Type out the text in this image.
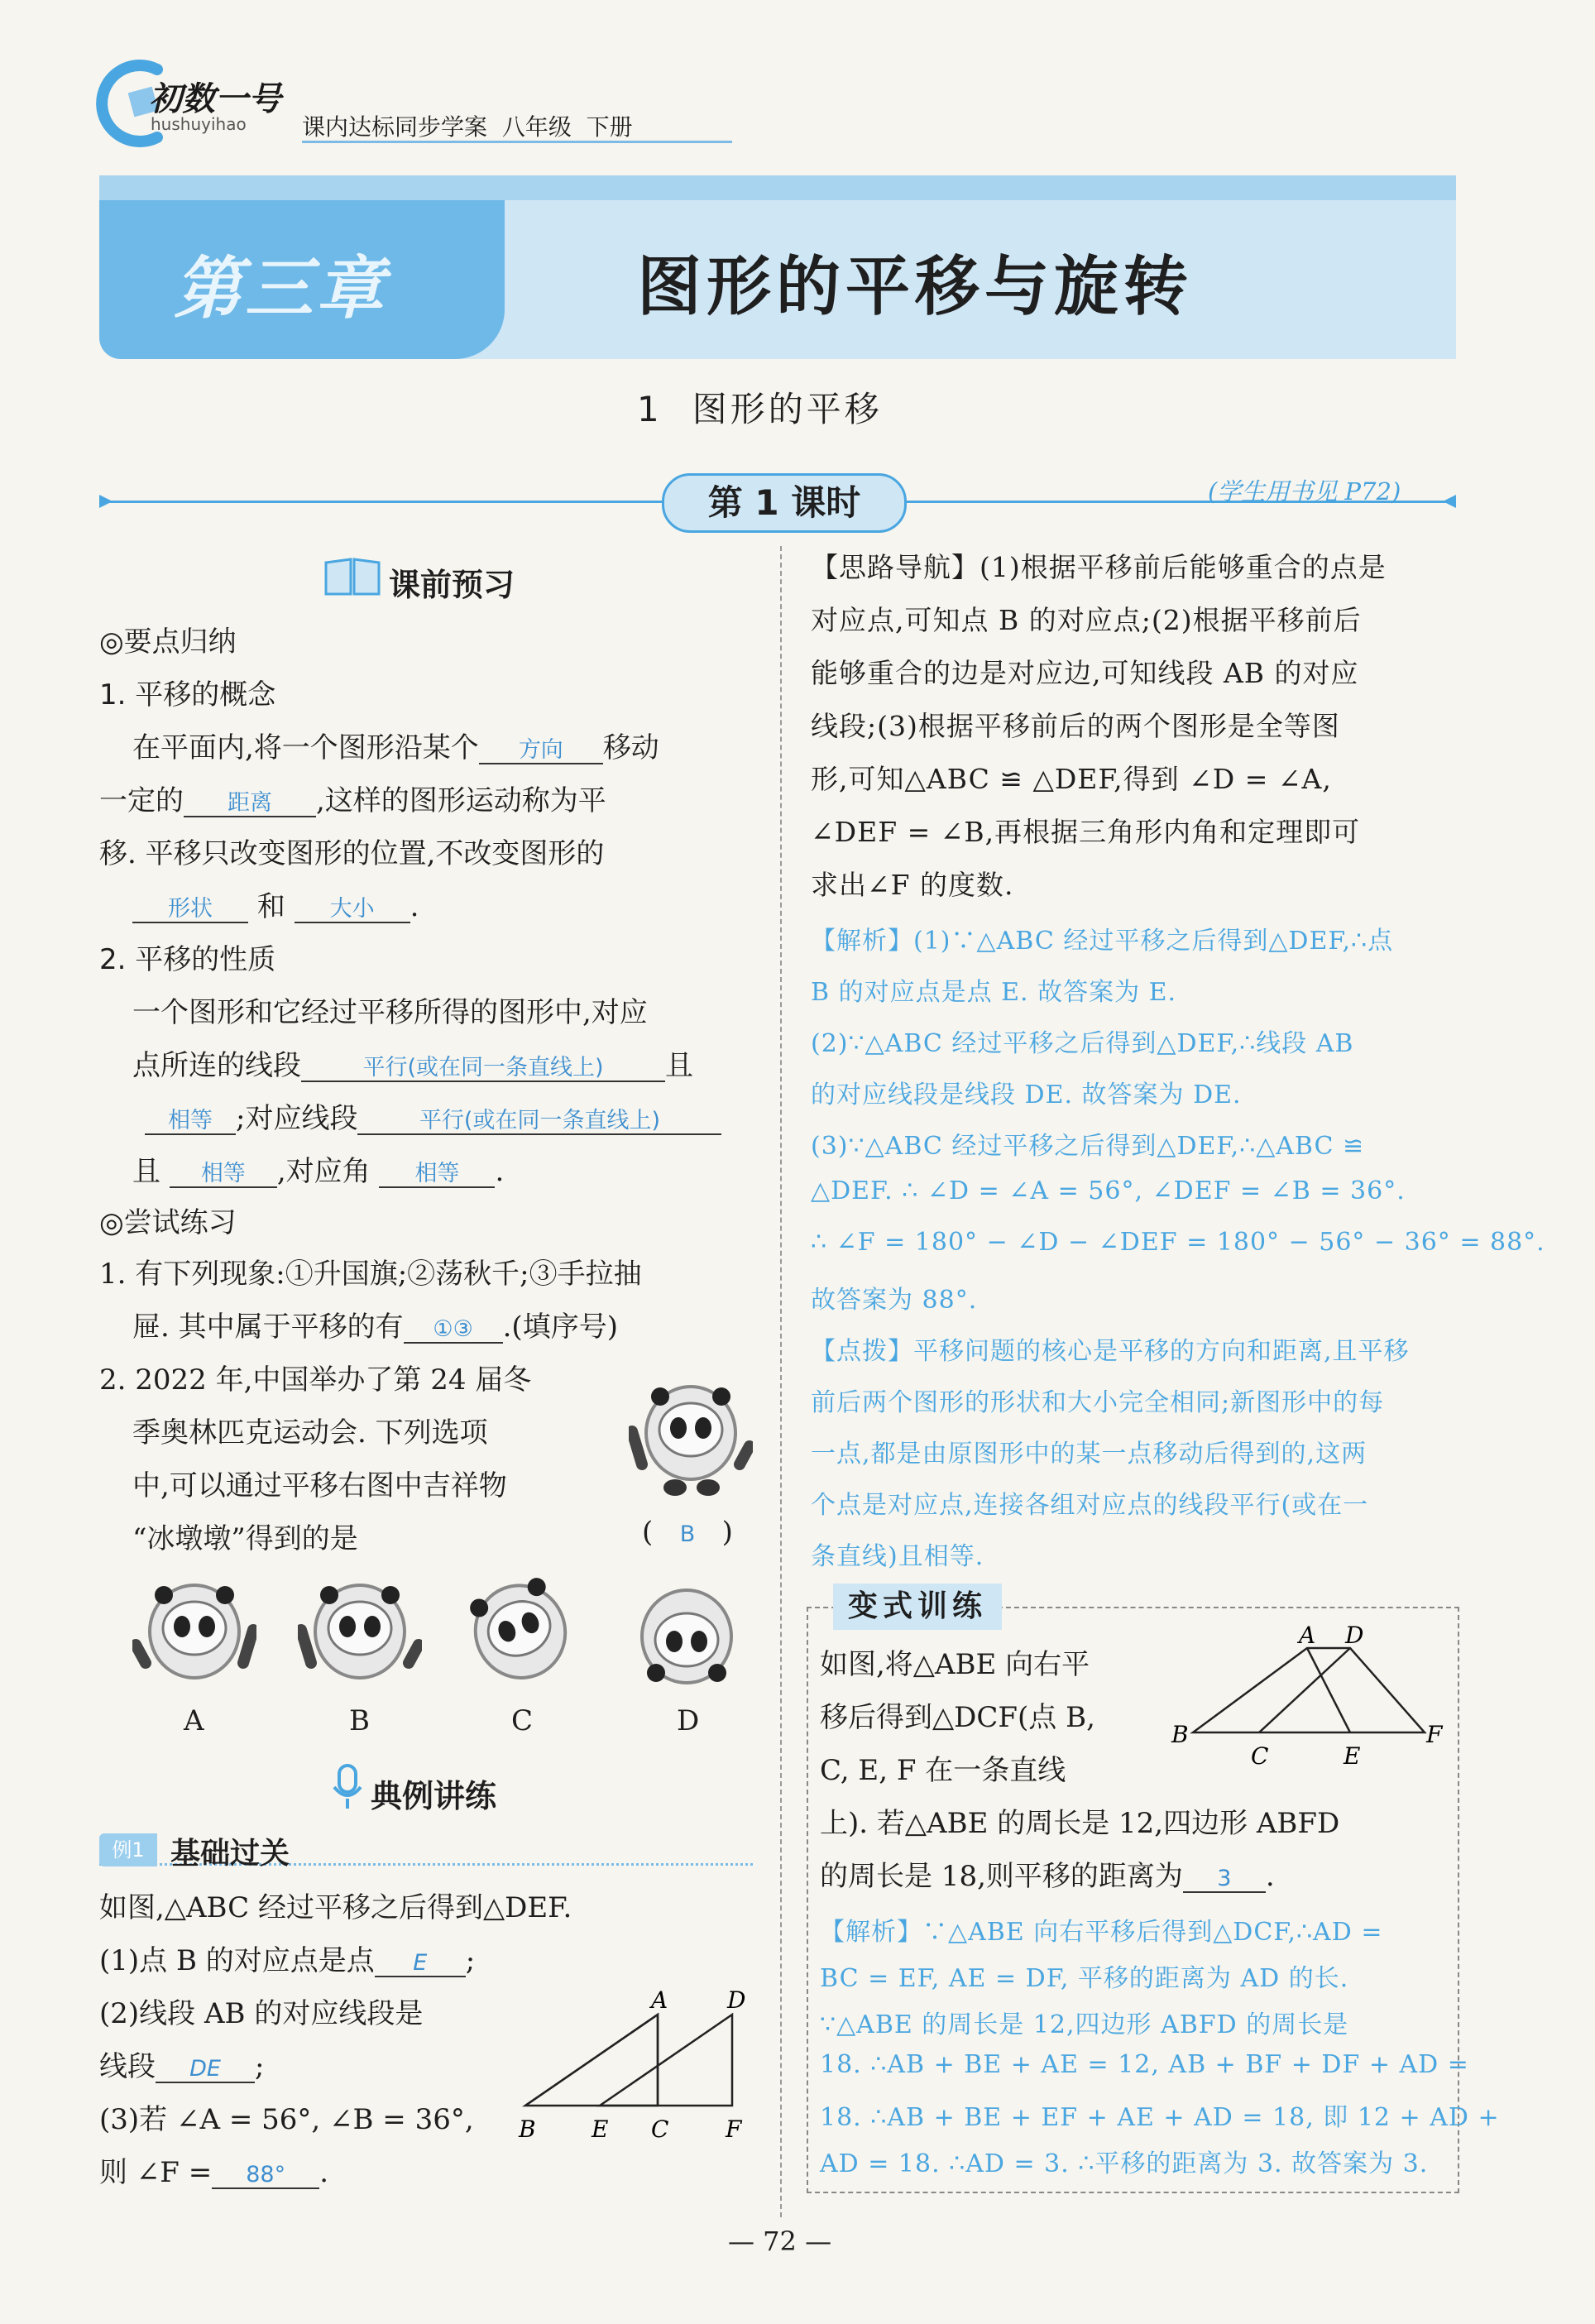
初数一号
hushuyihao 课内达标同步学案 八年级 下册
第三章	图形的平移与旋转
1 图形的平移
第 1 课时	(学生用书见 P72)
课前预习
◎要点归纳
1. 平移的概念
在平面内,将一个图形沿某个 方向 移动
一定的 距离 ,这样的图形运动称为平
移. 平移只改变图形的位置,不改变图形的
形状 和 大小 .
2. 平移的性质
一个图形和它经过平移所得的图形中,对应
点所连的线段	平行(或在同一条直线上) 且
相等 ;对应线段	平行(或在同一条直线上)
且 相等 ,对应角 相等 .
◎尝试练习
1. 有下列现象:①升国旗;②荡秋千;③手拉抽
屉. 其中属于平移的有 ①③ .(填序号)
2. 2022 年,中国举办了第 24 届冬
季奥林匹克运动会. 下列选项
中,可以通过平移右图中吉祥物
“冰墩墩”得到的是	( B )
A	B	C	D
典例讲练
例1 基础过关
如图,△ABC 经过平移之后得到△DEF.
(1)点 B 的对应点是点 E ;
(2)线段 AB 的对应线段是
线段 DE ;
(3)若 ∠A = 56°, ∠B = 36°,
则 ∠F = 88° .
A	D
B E C F
【思路导航】(1)根据平移前后能够重合的点是
对应点,可知点 B 的对应点;(2)根据平移前后
能够重合的边是对应边,可知线段 AB 的对应
线段;(3)根据平移前后的两个图形是全等图
形,可知△ABC ≌ △DEF,得到 ∠D = ∠A,
∠DEF = ∠B,再根据三角形内角和定理即可
求出∠F 的度数.
【解析】(1)∵△ABC 经过平移之后得到△DEF,∴点
B 的对应点是点 E. 故答案为 E.
(2)∵△ABC 经过平移之后得到△DEF,∴线段 AB
的对应线段是线段 DE. 故答案为 DE.
(3)∵△ABC 经过平移之后得到△DEF,∴△ABC ≌
△DEF. ∴ ∠D = ∠A = 56°, ∠DEF = ∠B = 36°.
∴ ∠F = 180° − ∠D − ∠DEF = 180° − 56° − 36° = 88°.
故答案为 88°.
【点拨】平移问题的核心是平移的方向和距离,且平移
前后两个图形的形状和大小完全相同;新图形中的每
一点,都是由原图形中的某一点移动后得到的,这两
个点是对应点,连接各组对应点的线段平行(或在一
条直线)且相等.
变式训练
如图,将△ABE 向右平
移后得到△DCF(点 B,
C, E, F 在一条直线
上). 若△ABE 的周长是 12,四边形 ABFD
的周长是 18,则平移的距离为 3 .
【解析】∵△ABE 向右平移后得到△DCF,∴AD =
BC = EF, AE = DF, 平移的距离为 AD 的长.
∵△ABE 的周长是 12,四边形 ABFD 的周长是
18. ∴AB + BE + AE = 12, AB + BF + DF + AD =
18. ∴AB + BE + EF + AE + AD = 18, 即 12 + AD +
AD = 18. ∴AD = 3. ∴平移的距离为 3. 故答案为 3.
A D
B
C	E
F
— 72 —
